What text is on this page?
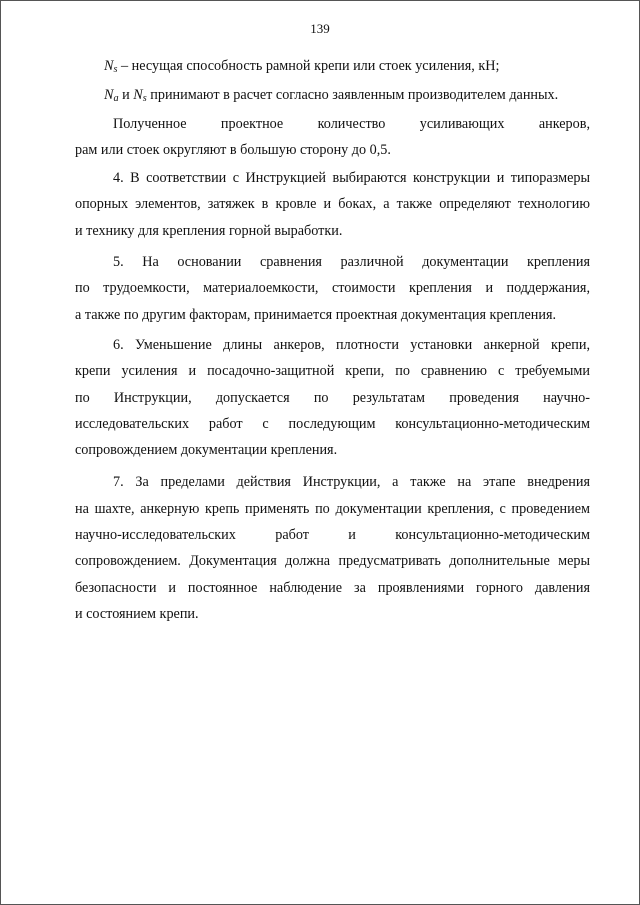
139
$N_s$ – несущая способность рамной крепи или стоек усиления, кН;
$N_a$ и $N_s$ принимают в расчет согласно заявленным производителем данных.
Полученное проектное количество усиливающих анкеров,
рам или стоек округляют в большую сторону до 0,5.
4. В соответствии с Инструкцией выбираются конструкции и типоразмеры
опорных элементов, затяжек в кровле и боках, а также определяют технологию
и технику для крепления горной выработки.
5. На основании сравнения различной документации крепления
по трудоемкости, материалоемкости, стоимости крепления и поддержания,
а также по другим факторам, принимается проектная документация крепления.
6. Уменьшение длины анкеров, плотности установки анкерной крепи,
крепи усиления и посадочно-защитной крепи, по сравнению с требуемыми
по Инструкции, допускается по результатам проведения научно-
исследовательских работ с последующим консультационно-методическим
сопровождением документации крепления.
7. За пределами действия Инструкции, а также на этапе внедрения
на шахте, анкерную крепь применять по документации крепления, с проведением
научно-исследовательских работ и консультационно-методическим
сопровождением. Документация должна предусматривать дополнительные меры
безопасности и постоянное наблюдение за проявлениями горного давления
и состоянием крепи.
